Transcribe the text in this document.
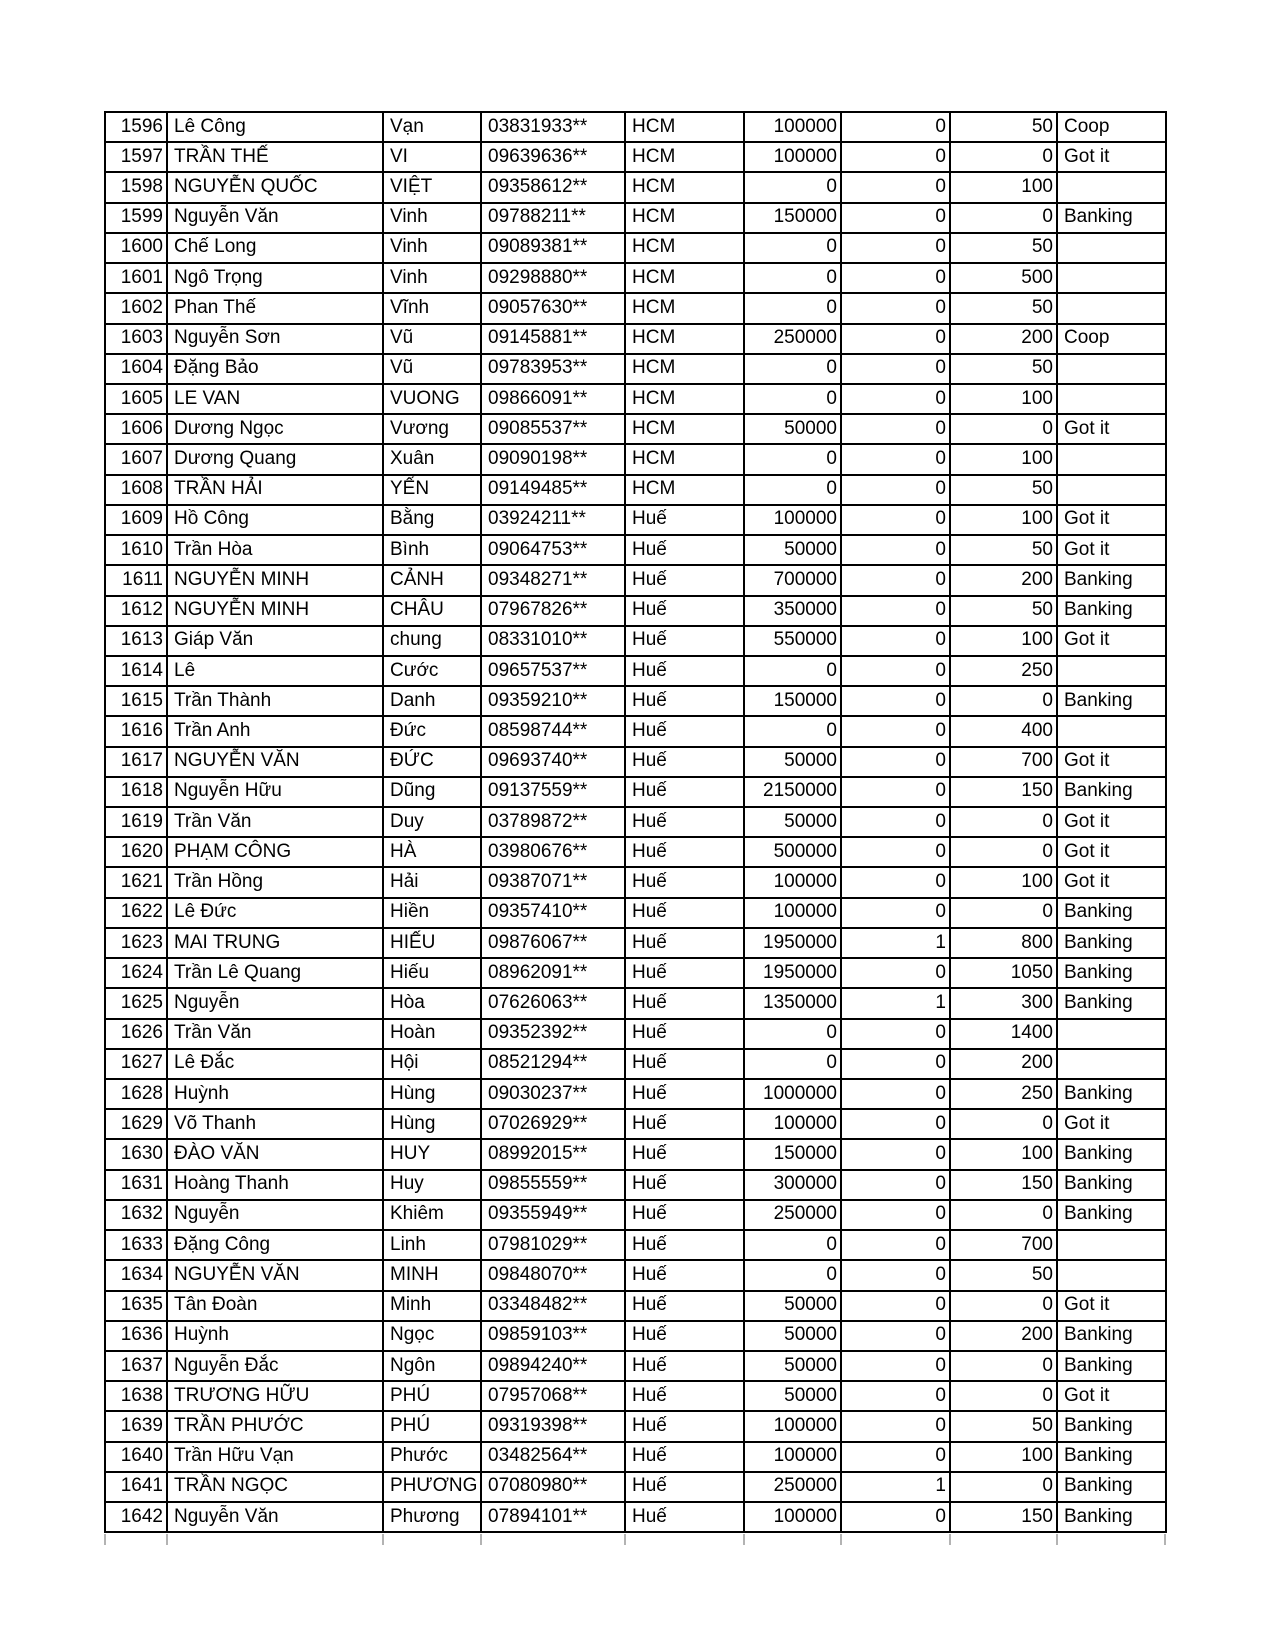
1596	Lê Công	Vạn	03831933**	HCM	100000	0	50	Coop
1597	TRẦN THẾ	VI	09639636**	HCM	100000	0	0	Got it
1598	NGUYỄN QUỐC	VIỆT	09358612**	HCM	0	0	100	
1599	Nguyễn Văn	Vinh	09788211**	HCM	150000	0	0	Banking
1600	Chế Long	Vinh	09089381**	HCM	0	0	50	
1601	Ngô Trọng	Vinh	09298880**	HCM	0	0	500	
1602	Phan Thế	Vĩnh	09057630**	HCM	0	0	50	
1603	Nguyễn Sơn	Vũ	09145881**	HCM	250000	0	200	Coop
1604	Đặng Bảo	Vũ	09783953**	HCM	0	0	50	
1605	LE VAN	VUONG	09866091**	HCM	0	0	100	
1606	Dương Ngọc	Vương	09085537**	HCM	50000	0	0	Got it
1607	Dương Quang	Xuân	09090198**	HCM	0	0	100	
1608	TRẦN HẢI	YẾN	09149485**	HCM	0	0	50	
1609	Hồ Công	Bằng	03924211**	Huế	100000	0	100	Got it
1610	Trần Hòa	Bình	09064753**	Huế	50000	0	50	Got it
1611	NGUYỄN MINH	CẢNH	09348271**	Huế	700000	0	200	Banking
1612	NGUYỄN MINH	CHÂU	07967826**	Huế	350000	0	50	Banking
1613	Giáp Văn	chung	08331010**	Huế	550000	0	100	Got it
1614	Lê	Cước	09657537**	Huế	0	0	250	
1615	Trần Thành	Danh	09359210**	Huế	150000	0	0	Banking
1616	Trần Anh	Đức	08598744**	Huế	0	0	400	
1617	NGUYỄN VĂN	ĐỨC	09693740**	Huế	50000	0	700	Got it
1618	Nguyễn Hữu	Dũng	09137559**	Huế	2150000	0	150	Banking
1619	Trần Văn	Duy	03789872**	Huế	50000	0	0	Got it
1620	PHẠM CÔNG	HÀ	03980676**	Huế	500000	0	0	Got it
1621	Trần Hồng	Hải	09387071**	Huế	100000	0	100	Got it
1622	Lê Đức	Hiền	09357410**	Huế	100000	0	0	Banking
1623	MAI TRUNG	HIẾU	09876067**	Huế	1950000	1	800	Banking
1624	Trần Lê Quang	Hiếu	08962091**	Huế	1950000	0	1050	Banking
1625	Nguyễn	Hòa	07626063**	Huế	1350000	1	300	Banking
1626	Trần Văn	Hoàn	09352392**	Huế	0	0	1400	
1627	Lê Đắc	Hội	08521294**	Huế	0	0	200	
1628	Huỳnh	Hùng	09030237**	Huế	1000000	0	250	Banking
1629	Võ Thanh	Hùng	07026929**	Huế	100000	0	0	Got it
1630	ĐÀO VĂN	HUY	08992015**	Huế	150000	0	100	Banking
1631	Hoàng Thanh	Huy	09855559**	Huế	300000	0	150	Banking
1632	Nguyễn	Khiêm	09355949**	Huế	250000	0	0	Banking
1633	Đặng Công	Linh	07981029**	Huế	0	0	700	
1634	NGUYỄN VĂN	MINH	09848070**	Huế	0	0	50	
1635	Tân Đoàn	Minh	03348482**	Huế	50000	0	0	Got it
1636	Huỳnh	Ngọc	09859103**	Huế	50000	0	200	Banking
1637	Nguyễn Đắc	Ngôn	09894240**	Huế	50000	0	0	Banking
1638	TRƯƠNG HỮU	PHÚ	07957068**	Huế	50000	0	0	Got it
1639	TRẦN PHƯỚC	PHÚ	09319398**	Huế	100000	0	50	Banking
1640	Trần Hữu Vạn	Phước	03482564**	Huế	100000	0	100	Banking
1641	TRẦN NGỌC	PHƯƠNG	07080980**	Huế	250000	1	0	Banking
1642	Nguyễn Văn	Phương	07894101**	Huế	100000	0	150	Banking
